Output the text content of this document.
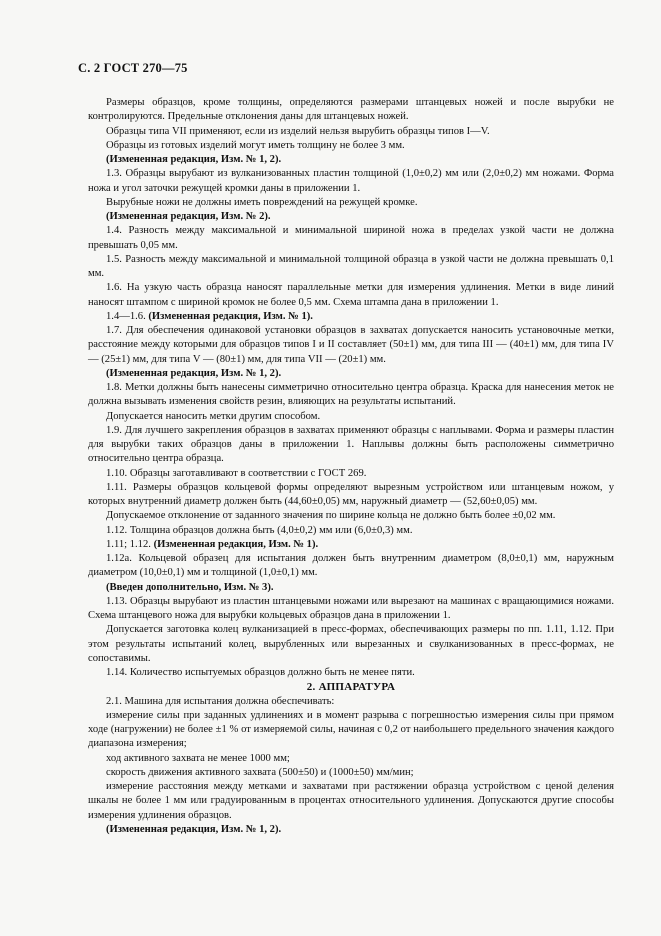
С. 2 ГОСТ 270—75

Размеры образцов, кроме толщины, определяются размерами штанцевых ножей и после вырубки не контролируются. Предельные отклонения даны для штанцевых ножей.

Образцы типа VII применяют, если из изделий нельзя вырубить образцы типов I—V.

Образцы из готовых изделий могут иметь толщину не более 3 мм.

(Измененная редакция, Изм. № 1, 2).

1.3. Образцы вырубают из вулканизованных пластин толщиной (1,0±0,2) мм или (2,0±0,2) мм ножами. Форма ножа и угол заточки режущей кромки даны в приложении 1.

Вырубные ножи не должны иметь повреждений на режущей кромке.

(Измененная редакция, Изм. № 2).

1.4. Разность между максимальной и минимальной шириной ножа в пределах узкой части не должна превышать 0,05 мм.

1.5. Разность между максимальной и минимальной толщиной образца в узкой части не должна превышать 0,1 мм.

1.6. На узкую часть образца наносят параллельные метки для измерения удлинения. Метки в виде линий наносят штампом с шириной кромок не более 0,5 мм. Схема штампа дана в приложении 1.

1.4—1.6. (Измененная редакция, Изм. № 1).

1.7. Для обеспечения одинаковой установки образцов в захватах допускается наносить установочные метки, расстояние между которыми для образцов типов I и II составляет (50±1) мм, для типа III — (40±1) мм, для типа IV — (25±1) мм, для типа V — (80±1) мм, для типа VII — (20±1) мм.

(Измененная редакция, Изм. № 1, 2).

1.8. Метки должны быть нанесены симметрично относительно центра образца. Краска для нанесения меток не должна вызывать изменения свойств резин, влияющих на результаты испытаний.

Допускается наносить метки другим способом.

1.9. Для лучшего закрепления образцов в захватах применяют образцы с наплывами. Форма и размеры пластин для вырубки таких образцов даны в приложении 1. Наплывы должны быть расположены симметрично относительно центра образца.

1.10. Образцы заготавливают в соответствии с ГОСТ 269.

1.11. Размеры образцов кольцевой формы определяют вырезным устройством или штанцевым ножом, у которых внутренний диаметр должен быть (44,60±0,05) мм, наружный диаметр — (52,60±0,05) мм.

Допускаемое отклонение от заданного значения по ширине кольца не должно быть более ±0,02 мм.

1.12. Толщина образцов должна быть (4,0±0,2) мм или (6,0±0,3) мм.

1.11; 1.12. (Измененная редакция, Изм. № 1).

1.12а. Кольцевой образец для испытания должен быть внутренним диаметром (8,0±0,1) мм, наружным диаметром (10,0±0,1) мм и толщиной (1,0±0,1) мм.

(Введен дополнительно, Изм. № 3).

1.13. Образцы вырубают из пластин штанцевыми ножами или вырезают на машинах с вращающимися ножами. Схема штанцевого ножа для вырубки кольцевых образцов дана в приложении 1.

Допускается заготовка колец вулканизацией в пресс-формах, обеспечивающих размеры по пп. 1.11, 1.12. При этом результаты испытаний колец, вырубленных или вырезанных и свулканизованных в пресс-формах, не сопоставимы.

1.14. Количество испытуемых образцов должно быть не менее пяти.

2. АППАРАТУРА

2.1. Машина для испытания должна обеспечивать:

измерение силы при заданных удлинениях и в момент разрыва с погрешностью измерения силы при прямом ходе (нагружении) не более ±1 % от измеряемой силы, начиная с 0,2 от наибольшего предельного значения каждого диапазона измерения;

ход активного захвата не менее 1000 мм;

скорость движения активного захвата (500±50) и (1000±50) мм/мин;

измерение расстояния между метками и захватами при растяжении образца устройством с ценой деления шкалы не более 1 мм или градуированным в процентах относительного удлинения. Допускаются другие способы измерения удлинения образцов.

(Измененная редакция, Изм. № 1, 2).
